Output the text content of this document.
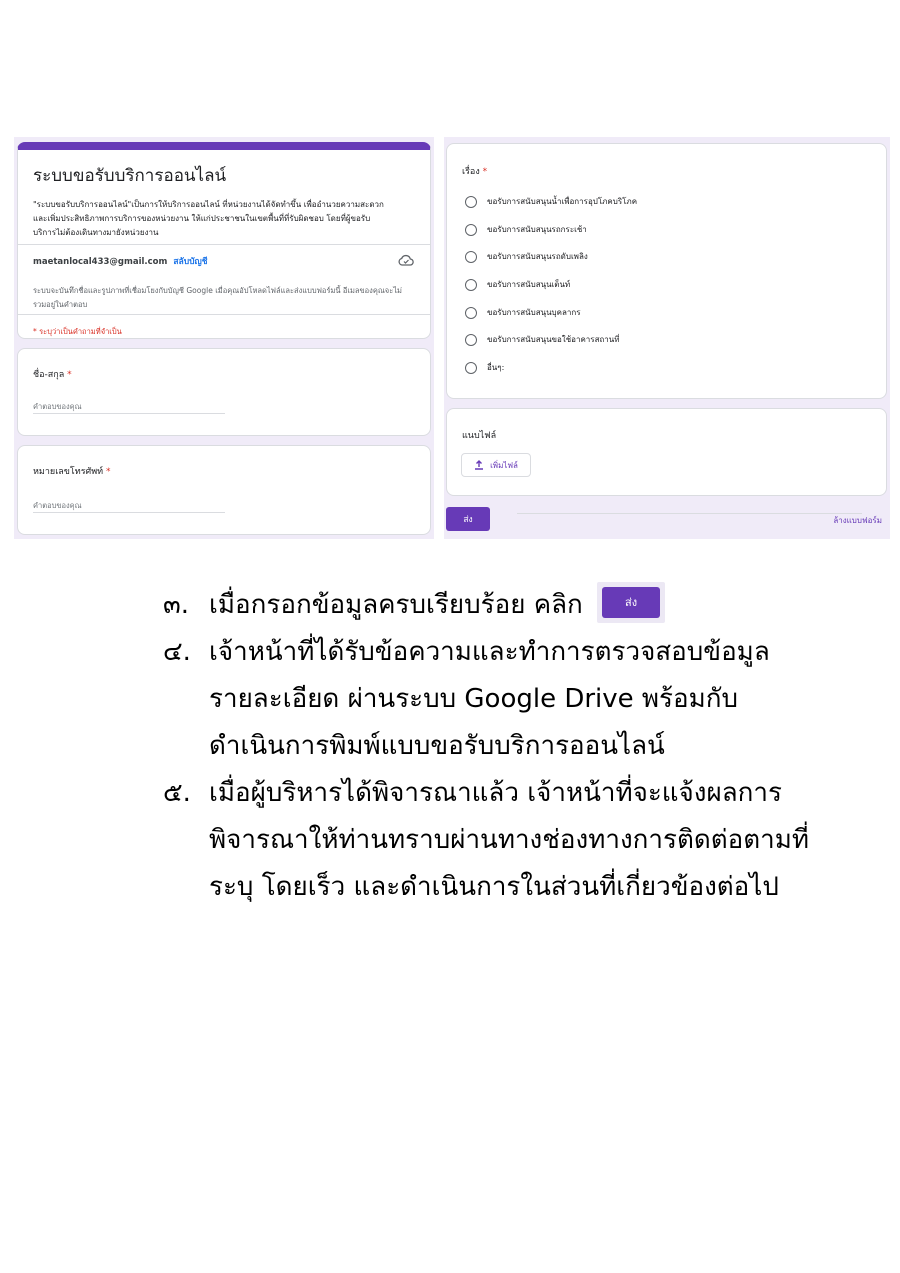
ระบบขอรับบริการออนไลน์
"ระบบขอรับบริการออนไลน์"เป็นการให้บริการออนไลน์ ที่หน่วยงานได้จัดทำขึ้น เพื่ออำนวยความสะดวก และเพิ่มประสิทธิภาพการบริการของหน่วยงาน ให้แก่ประชาชนในเขตพื้นที่ที่รับผิดชอบ โดยที่ผู้ขอรับบริการไม่ต้องเดินทางมายังหน่วยงาน
maetanlocal433@gmail.com สลับบัญชี
ระบบจะบันทึกชื่อและรูปภาพที่เชื่อมโยงกับบัญชี Google เมื่อคุณอัปโหลดไฟล์และส่งแบบฟอร์มนี้ อีเมลของคุณจะไม่รวมอยู่ในคำตอบ
* ระบุว่าเป็นคำถามที่จำเป็น
ชื่อ-สกุล *
คำตอบของคุณ
หมายเลขโทรศัพท์ *
คำตอบของคุณ
เรื่อง *
ขอรับการสนับสนุนน้ำเพื่อการอุปโภคบริโภค
ขอรับการสนับสนุนรถกระเช้า
ขอรับการสนับสนุนรถดับเพลิง
ขอรับการสนับสนุนเต็นท์
ขอรับการสนับสนุนบุคลากร
ขอรับการสนับสนุนขอใช้อาคารสถานที่
อื่นๆ:
แนบไฟล์
เพิ่มไฟล์
ส่ง	ล้างแบบฟอร์ม
๓. เมื่อกรอกข้อมูลครบเรียบร้อย คลิก	ส่ง
๔. เจ้าหน้าที่ได้รับข้อความและทำการตรวจสอบข้อมูล
รายละเอียด ผ่านระบบ Google Drive พร้อมกับ
ดำเนินการพิมพ์แบบขอรับบริการออนไลน์
๕. เมื่อผู้บริหารได้พิจารณาแล้ว เจ้าหน้าที่จะแจ้งผลการ
พิจารณาให้ท่านทราบผ่านทางช่องทางการติดต่อตามที่
ระบุ โดยเร็ว และดำเนินการในส่วนที่เกี่ยวข้องต่อไป
